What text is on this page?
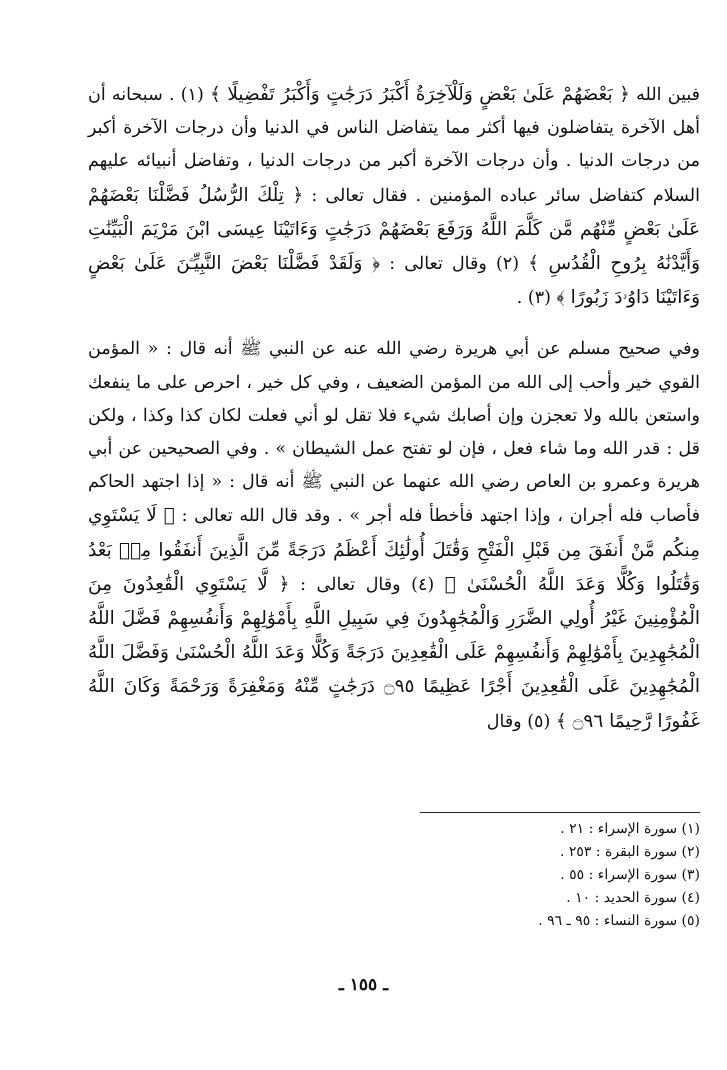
فبين الله ﴿ بَعْضَهُمْ عَلَىٰ بَعْضٍ وَلَلْآخِرَةُ أَكْبَرُ دَرَجَٰتٍ وَأَكْبَرُ تَفْضِيلًا ﴾ (١) . سبحانه أن أهل الآخرة يتفاضلون فيها أكثر مما يتفاضل الناس في الدنيا وأن درجات الآخرة أكبر من درجات الدنيا . وأن درجات الآخرة أكبر من درجات الدنيا ، وتفاضل أنبيائه عليهم السلام كتفاضل سائر عباده المؤمنين . فقال تعالى : ﴿ تِلْكَ الرُّسُلُ فَضَّلْنَا بَعْضَهُمْ عَلَىٰ بَعْضٍ مِّنْهُم مَّن كَلَّمَ اللَّهُ وَرَفَعَ بَعْضَهُمْ دَرَجَٰتٍ وَءَاتَيْنَا عِيسَى ابْنَ مَرْيَمَ الْبَيِّنَٰتِ وَأَيَّدْنَٰهُ بِرُوحِ الْقُدُسِ ﴾ (٢) وقال تعالى : ﴿ وَلَقَدْ فَضَّلْنَا بَعْضَ النَّبِيِّـۧنَ عَلَىٰ بَعْضٍ وَءَاتَيْنَا دَاوُۥدَ زَبُورًا ﴾ (٣) .

وفي صحيح مسلم عن أبي هريرة رضي الله عنه عن النبي ﷺ أنه قال : « المؤمن القوي خير وأحب إلى الله من المؤمن الضعيف ، وفي كل خير ، احرص على ما ينفعك واستعن بالله ولا تعجزن وإن أصابك شيء فلا تقل لو أني فعلت لكان كذا وكذا ، ولكن قل : قدر الله وما شاء فعل ، فإن لو تفتح عمل الشيطان » . وفي الصحيحين عن أبي هريرة وعمرو بن العاص رضي الله عنهما عن النبي ﷺ أنه قال : « إذا اجتهد الحاكم فأصاب فله أجران ، وإذا اجتهد فأخطأ فله أجر » . وقد قال الله تعالى : ﴿ لَا يَسْتَوِي مِنكُم مَّنْ أَنفَقَ مِن قَبْلِ الْفَتْحِ وَقَٰتَلَ أُولَٰئِكَ أَعْظَمُ دَرَجَةً مِّنَ الَّذِينَ أَنفَقُوا مِنۢ بَعْدُ وَقَٰتَلُوا وَكُلًّا وَعَدَ اللَّهُ الْحُسْنَىٰ ﴾ (٤) وقال تعالى : ﴿ لَّا يَسْتَوِي الْقَٰعِدُونَ مِنَ الْمُؤْمِنِينَ غَيْرُ أُولِي الضَّرَرِ وَالْمُجَٰهِدُونَ فِي سَبِيلِ اللَّهِ بِأَمْوَٰلِهِمْ وَأَنفُسِهِمْ فَضَّلَ اللَّهُ الْمُجَٰهِدِينَ بِأَمْوَٰلِهِمْ وَأَنفُسِهِمْ عَلَى الْقَٰعِدِينَ دَرَجَةً وَكُلًّا وَعَدَ اللَّهُ الْحُسْنَىٰ وَفَضَّلَ اللَّهُ الْمُجَٰهِدِينَ عَلَى الْقَٰعِدِينَ أَجْرًا عَظِيمًا ۝٩٥ دَرَجَٰتٍ مِّنْهُ وَمَغْفِرَةً وَرَحْمَةً وَكَانَ اللَّهُ غَفُورًا رَّحِيمًا ۝٩٦ ﴾ (٥) وقال

(١) سورة الإسراء : ٢١ .
(٢) سورة البقرة : ٢٥٣ .
(٣) سورة الإسراء : ٥٥ .
(٤) سورة الحديد : ١٠ .
(٥) سورة النساء : ٩٥ ـ ٩٦ .
ـ ١٥٥ ـ
